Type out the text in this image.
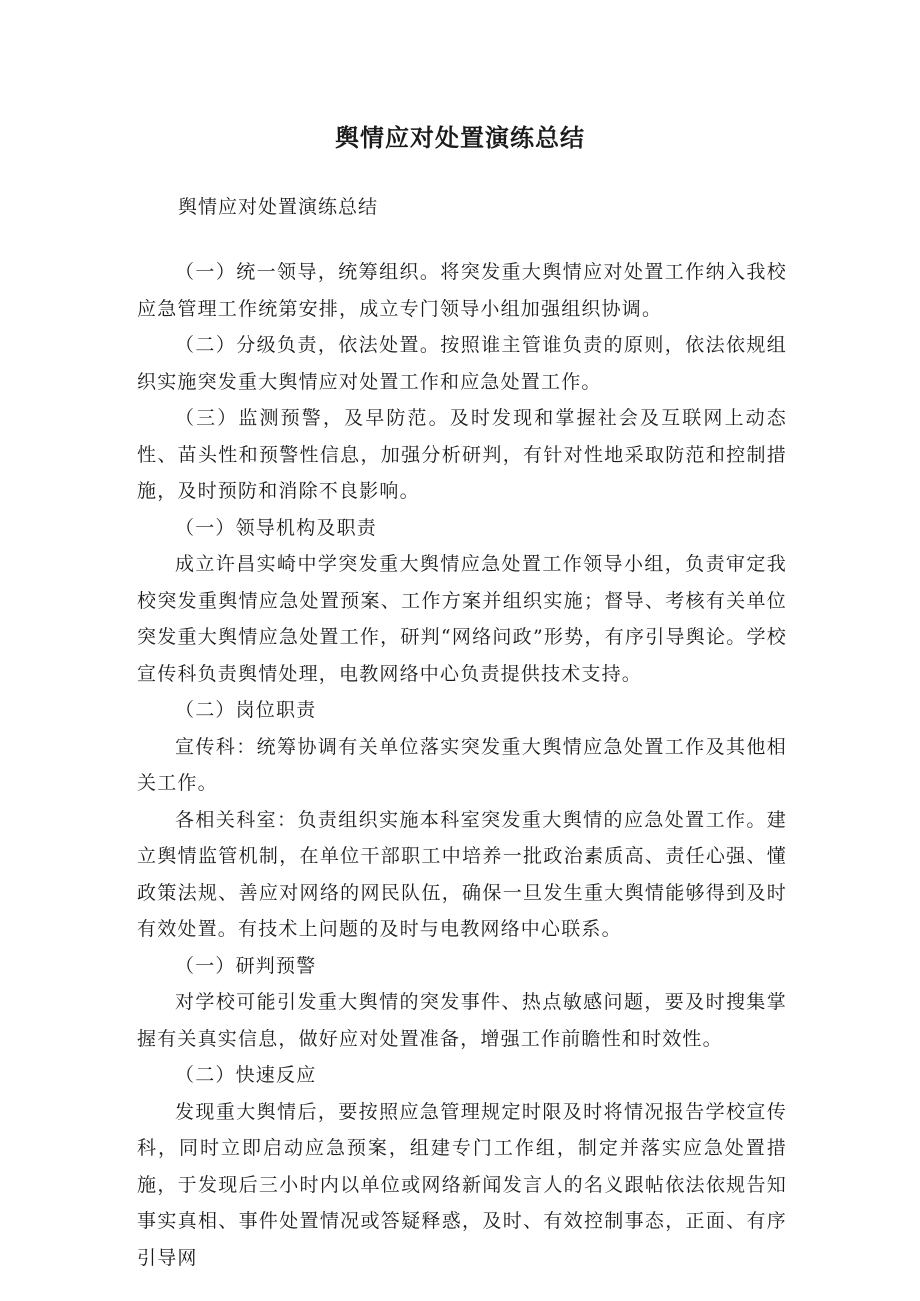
舆情应对处置演练总结

舆情应对处置演练总结

（一）统一领导，统筹组织。将突发重大舆情应对处置工作纳入我校应急管理工作统第安排，成立专门领导小组加强组织协调。

（二）分级负责，依法处置。按照谁主管谁负责的原则，依法依规组织实施突发重大舆情应对处置工作和应急处置工作。

（三）监测预警，及早防范。及时发现和掌握社会及互联网上动态性、苗头性和预警性信息，加强分析研判，有针对性地采取防范和控制措施，及时预防和消除不良影响。

（一）领导机构及职责

成立许昌实崎中学突发重大舆情应急处置工作领导小组，负责审定我校突发重舆情应急处置预案、工作方案并组织实施；督导、考核有关单位突发重大舆情应急处置工作，研判“网络问政”形势，有序引导舆论。学校宣传科负责舆情处理，电教网络中心负责提供技术支持。

（二）岗位职责

宣传科：统筹协调有关单位落实突发重大舆情应急处置工作及其他相关工作。

各相关科室：负责组织实施本科室突发重大舆情的应急处置工作。建立舆情监管机制，在单位干部职工中培养一批政治素质高、责任心强、懂政策法规、善应对网络的网民队伍，确保一旦发生重大舆情能够得到及时有效处置。有技术上问题的及时与电教网络中心联系。

（一）研判预警

对学校可能引发重大舆情的突发事件、热点敏感问题，要及时搜集掌握有关真实信息，做好应对处置准备，增强工作前瞻性和时效性。

（二）快速反应

发现重大舆情后，要按照应急管理规定时限及时将情况报告学校宣传科，同时立即启动应急预案，组建专门工作组，制定并落实应急处置措施，于发现后三小时内以单位或网络新闻发言人的名义跟帖依法依规告知事实真相、事件处置情况或答疑释惑，及时、有效控制事态，正面、有序引导网
